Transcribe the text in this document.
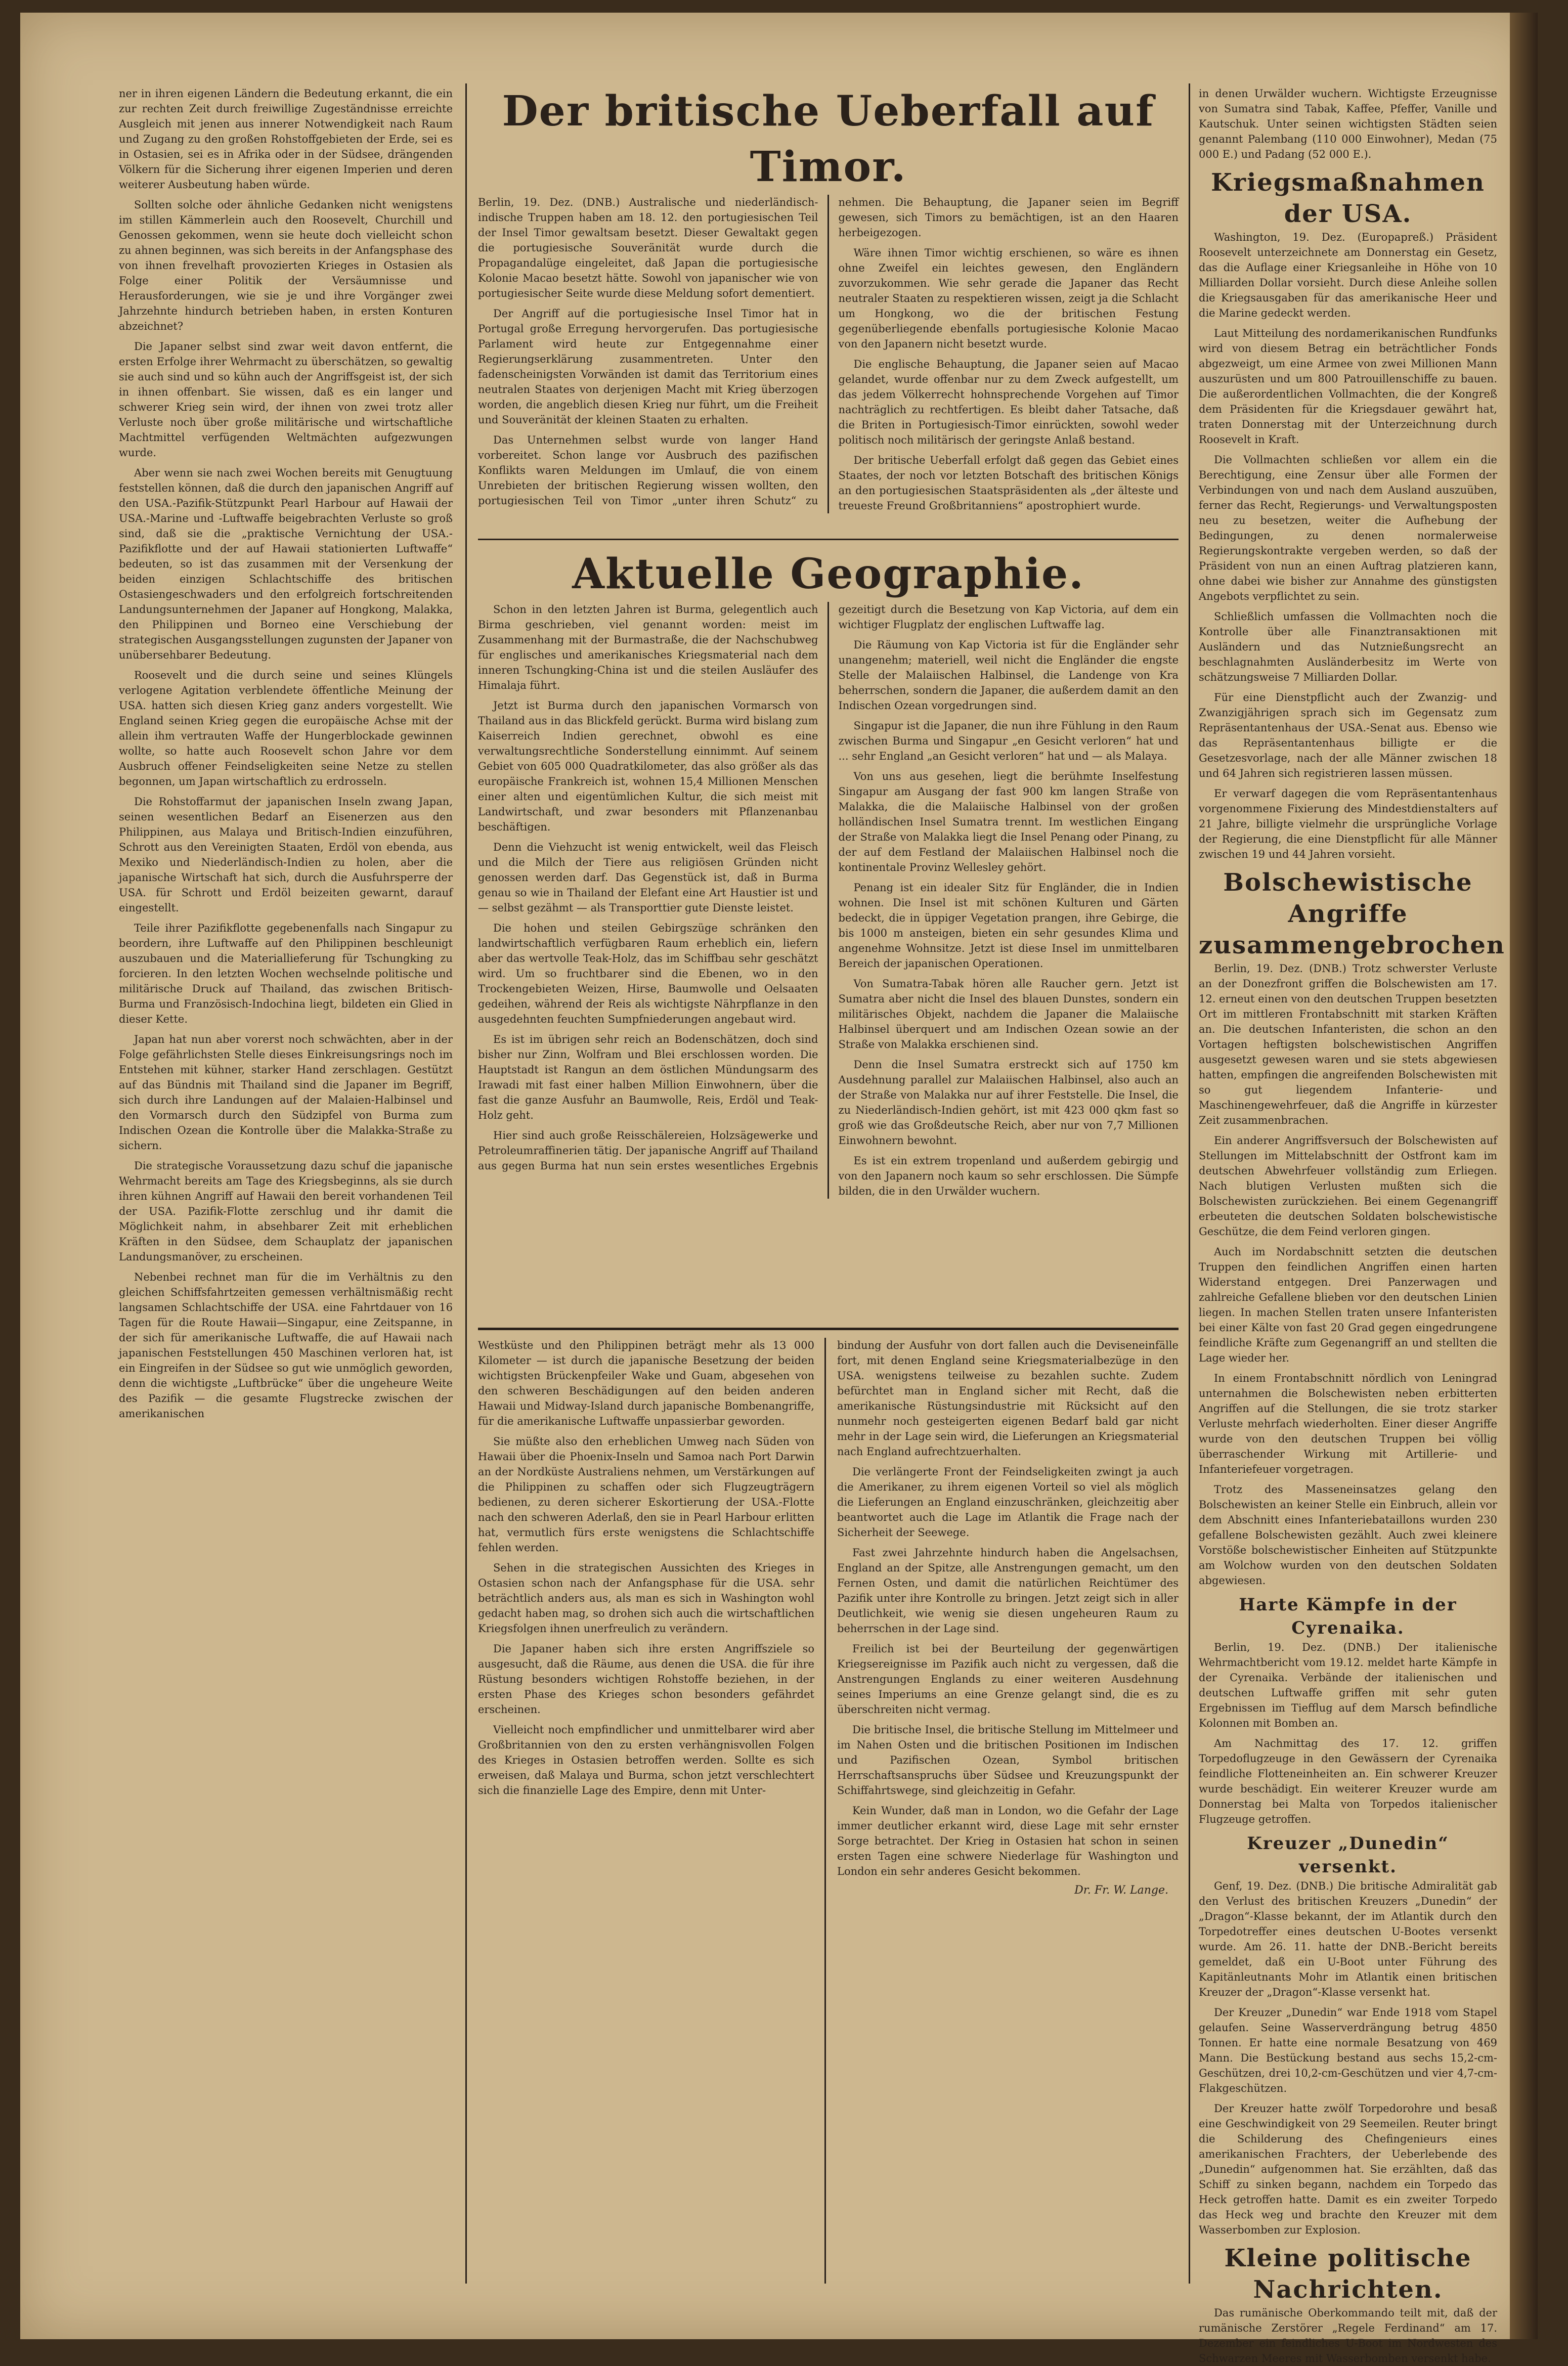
ner in ihren eigenen Ländern die Bedeutung erkannt, die ein zur rechten Zeit durch freiwillige Zugeständnisse erreichte Ausgleich mit jenen aus innerer Notwendigkeit nach Raum und Zugang zu den großen Rohstoffgebieten der Erde, sei es in Ostasien, sei es in Afrika oder in der Südsee, drängenden Völkern für die Sicherung ihrer eigenen Imperien und deren weiterer Ausbeutung haben würde.

Sollten solche oder ähnliche Gedanken nicht wenigstens im stillen Kämmerlein auch den Roosevelt, Churchill und Genossen gekommen, wenn sie heute doch vielleicht schon zu ahnen beginnen, was sich bereits in der Anfangsphase des von ihnen frevelhaft provozierten Krieges in Ostasien als Folge einer Politik der Versäumnisse und Herausforderungen, wie sie je und ihre Vorgänger zwei Jahrzehnte hindurch betrieben haben, in ersten Konturen abzeichnet?

Die Japaner selbst sind zwar weit davon entfernt, die ersten Erfolge ihrer Wehrmacht zu überschätzen, so gewaltig sie auch sind und so kühn auch der Angriffsgeist ist, der sich in ihnen offenbart. Sie wissen, daß es ein langer und schwerer Krieg sein wird, der ihnen von zwei trotz aller Verluste noch über große militärische und wirtschaftliche Machtmittel verfügenden Weltmächten aufgezwungen wurde.

Aber wenn sie nach zwei Wochen bereits mit Genugtuung feststellen können, daß die durch den japanischen Angriff auf den USA.-Pazifik-Stützpunkt Pearl Harbour auf Hawaii der USA.-Marine und -Luftwaffe beigebrachten Verluste so groß sind, daß sie die „praktische Vernichtung der USA.-Pazifikflotte und der auf Hawaii stationierten Luftwaffe“ bedeuten, so ist das zusammen mit der Versenkung der beiden einzigen Schlachtschiffe des britischen Ostasiengeschwaders und den erfolgreich fortschreitenden Landungsunternehmen der Japaner auf Hongkong, Malakka, den Philippinen und Borneo eine Verschiebung der strategischen Ausgangsstellungen zugunsten der Japaner von unübersehbarer Bedeutung.

Roosevelt und die durch seine und seines Klüngels verlogene Agitation verblendete öffentliche Meinung der USA. hatten sich diesen Krieg ganz anders vorgestellt. Wie England seinen Krieg gegen die europäische Achse mit der allein ihm vertrauten Waffe der Hungerblockade gewinnen wollte, so hatte auch Roosevelt schon Jahre vor dem Ausbruch offener Feindseligkeiten seine Netze zu stellen begonnen, um Japan wirtschaftlich zu erdrosseln.

Die Rohstoffarmut der japanischen Inseln zwang Japan, seinen wesentlichen Bedarf an Eisenerzen aus den Philippinen, aus Malaya und Britisch-Indien einzuführen, Schrott aus den Vereinigten Staaten, Erdöl von ebenda, aus Mexiko und Niederländisch-Indien zu holen, aber die japanische Wirtschaft hat sich, durch die Ausfuhrsperre der USA. für Schrott und Erdöl beizeiten gewarnt, darauf eingestellt.

Teile ihrer Pazifikflotte gegebenenfalls nach Singapur zu beordern, ihre Luftwaffe auf den Philippinen beschleunigt auszubauen und die Materiallieferung für Tschungking zu forcieren. In den letzten Wochen wechselnde politische und militärische Druck auf Thailand, das zwischen Britisch-Burma und Französisch-Indochina liegt, bildeten ein Glied in dieser Kette.

Japan hat nun aber vorerst noch schwächten, aber in der Folge gefährlichsten Stelle dieses Einkreisungsrings noch im Entstehen mit kühner, starker Hand zerschlagen. Gestützt auf das Bündnis mit Thailand sind die Japaner im Begriff, sich durch ihre Landungen auf der Malaien-Halbinsel und den Vormarsch durch den Südzipfel von Burma zum Indischen Ozean die Kontrolle über die Malakka-Straße zu sichern.

Die strategische Voraussetzung dazu schuf die japanische Wehrmacht bereits am Tage des Kriegsbeginns, als sie durch ihren kühnen Angriff auf Hawaii den bereit vorhandenen Teil der USA. Pazifik-Flotte zerschlug und ihr damit die Möglichkeit nahm, in absehbarer Zeit mit erheblichen Kräften in den Südsee, dem Schauplatz der japanischen Landungsmanöver, zu erscheinen.

Nebenbei rechnet man für die im Verhältnis zu den gleichen Schiffsfahrtzeiten gemessen verhältnismäßig recht langsamen Schlachtschiffe der USA. eine Fahrtdauer von 16 Tagen für die Route Hawaii—Singapur, eine Zeitspanne, in der sich für amerikanische Luftwaffe, die auf Hawaii nach japanischen Feststellungen 450 Maschinen verloren hat, ist ein Eingreifen in der Südsee so gut wie unmöglich geworden, denn die wichtigste „Luftbrücke“ über die ungeheure Weite des Pazifik — die gesamte Flugstrecke zwischen der amerikanischen

Der britische Ueberfall auf Timor.

Berlin, 19. Dez. (DNB.) Australische und niederländisch-indische Truppen haben am 18. 12. den portugiesischen Teil der Insel Timor gewaltsam besetzt. Dieser Gewaltakt gegen die portugiesische Souveränität wurde durch die Propagandalüge eingeleitet, daß Japan die portugiesische Kolonie Macao besetzt hätte. Sowohl von japanischer wie von portugiesischer Seite wurde diese Meldung sofort dementiert.

Der Angriff auf die portugiesische Insel Timor hat in Portugal große Erregung hervorgerufen. Das portugiesische Parlament wird heute zur Entgegennahme einer Regierungserklärung zusammentreten. Unter den fadenscheinigsten Vorwänden ist damit das Territorium eines neutralen Staates von derjenigen Macht mit Krieg überzogen worden, die angeblich diesen Krieg nur führt, um die Freiheit und Souveränität der kleinen Staaten zu erhalten.

Das Unternehmen selbst wurde von langer Hand vorbereitet. Schon lange vor Ausbruch des pazifischen Konflikts waren Meldungen im Umlauf, die von einem Unrebieten der britischen Regierung wissen wollten, den portugiesischen Teil von Timor „unter ihren Schutz“ zu nehmen. Die Behauptung, die Japaner seien im Begriff gewesen, sich Timors zu bemächtigen, ist an den Haaren herbeigezogen.

Wäre ihnen Timor wichtig erschienen, so wäre es ihnen ohne Zweifel ein leichtes gewesen, den Engländern zuvorzukommen. Wie sehr gerade die Japaner das Recht neutraler Staaten zu respektieren wissen, zeigt ja die Schlacht um Hongkong, wo die der britischen Festung gegenüberliegende ebenfalls portugiesische Kolonie Macao von den Japanern nicht besetzt wurde.

Die englische Behauptung, die Japaner seien auf Macao gelandet, wurde offenbar nur zu dem Zweck aufgestellt, um das jedem Völkerrecht hohnsprechende Vorgehen auf Timor nachträglich zu rechtfertigen. Es bleibt daher Tatsache, daß die Briten in Portugiesisch-Timor einrückten, sowohl weder politisch noch militärisch der geringste Anlaß bestand.

Der britische Ueberfall erfolgt daß gegen das Gebiet eines Staates, der noch vor letzten Botschaft des britischen Königs an den portugiesischen Staatspräsidenten als „der älteste und treueste Freund Großbritanniens“ apostrophiert wurde.

Aktuelle Geographie.

Schon in den letzten Jahren ist Burma, gelegentlich auch Birma geschrieben, viel genannt worden: meist im Zusammenhang mit der Burmastraße, die der Nachschubweg für englisches und amerikanisches Kriegsmaterial nach dem inneren Tschungking-China ist und die steilen Ausläufer des Himalaja führt.

Jetzt ist Burma durch den japanischen Vormarsch von Thailand aus in das Blickfeld gerückt. Burma wird bislang zum Kaiserreich Indien gerechnet, obwohl es eine verwaltungsrechtliche Sonderstellung einnimmt. Auf seinem Gebiet von 605 000 Quadratkilometer, das also größer als das europäische Frankreich ist, wohnen 15,4 Millionen Menschen einer alten und eigentümlichen Kultur, die sich meist mit Landwirtschaft, und zwar besonders mit Pflanzenanbau beschäftigen.

Denn die Viehzucht ist wenig entwickelt, weil das Fleisch und die Milch der Tiere aus religiösen Gründen nicht genossen werden darf. Das Gegenstück ist, daß in Burma genau so wie in Thailand der Elefant eine Art Haustier ist und — selbst gezähmt — als Transporttier gute Dienste leistet.

Die hohen und steilen Gebirgszüge schränken den landwirtschaftlich verfügbaren Raum erheblich ein, liefern aber das wertvolle Teak-Holz, das im Schiffbau sehr geschätzt wird. Um so fruchtbarer sind die Ebenen, wo in den Trockengebieten Weizen, Hirse, Baumwolle und Oelsaaten gedeihen, während der Reis als wichtigste Nährpflanze in den ausgedehnten feuchten Sumpfniederungen angebaut wird.

Es ist im übrigen sehr reich an Bodenschätzen, doch sind bisher nur Zinn, Wolfram und Blei erschlossen worden. Die Hauptstadt ist Rangun an dem östlichen Mündungsarm des Irawadi mit fast einer halben Million Einwohnern, über die fast die ganze Ausfuhr an Baumwolle, Reis, Erdöl und Teak-Holz geht.

Hier sind auch große Reisschälereien, Holzsägewerke und Petroleumraffinerien tätig. Der japanische Angriff auf Thailand aus gegen Burma hat nun sein erstes wesentliches Ergebnis gezeitigt durch die Besetzung von Kap Victoria, auf dem ein wichtiger Flugplatz der englischen Luftwaffe lag.

Die Räumung von Kap Victoria ist für die Engländer sehr unangenehm; materiell, weil nicht die Engländer die engste Stelle der Malaiischen Halbinsel, die Landenge von Kra beherrschen, sondern die Japaner, die außerdem damit an den Indischen Ozean vorgedrungen sind.

Singapur ist die Japaner, die nun ihre Fühlung in den Raum zwischen Burma und Singapur „en Gesicht verloren“ hat und ... sehr England „an Gesicht verloren“ hat und — als Malaya.

Von uns aus gesehen, liegt die berühmte Inselfestung Singapur am Ausgang der fast 900 km langen Straße von Malakka, die die Malaiische Halbinsel von der großen holländischen Insel Sumatra trennt. Im westlichen Eingang der Straße von Malakka liegt die Insel Penang oder Pinang, zu der auf dem Festland der Malaiischen Halbinsel noch die kontinentale Provinz Wellesley gehört.

Penang ist ein idealer Sitz für Engländer, die in Indien wohnen. Die Insel ist mit schönen Kulturen und Gärten bedeckt, die in üppiger Vegetation prangen, ihre Gebirge, die bis 1000 m ansteigen, bieten ein sehr gesundes Klima und angenehme Wohnsitze. Jetzt ist diese Insel im unmittelbaren Bereich der japanischen Operationen.

Von Sumatra-Tabak hören alle Raucher gern. Jetzt ist Sumatra aber nicht die Insel des blauen Dunstes, sondern ein militärisches Objekt, nachdem die Japaner die Malaiische Halbinsel überquert und am Indischen Ozean sowie an der Straße von Malakka erschienen sind.

Denn die Insel Sumatra erstreckt sich auf 1750 km Ausdehnung parallel zur Malaiischen Halbinsel, also auch an der Straße von Malakka nur auf ihrer Feststelle. Die Insel, die zu Niederländisch-Indien gehört, ist mit 423 000 qkm fast so groß wie das Großdeutsche Reich, aber nur von 7,7 Millionen Einwohnern bewohnt.

Es ist ein extrem tropenland und außerdem gebirgig und von den Japanern noch kaum so sehr erschlossen. Die Sümpfe bilden, die in den Urwälder wuchern.

Westküste und den Philippinen beträgt mehr als 13 000 Kilometer — ist durch die japanische Besetzung der beiden wichtigsten Brückenpfeiler Wake und Guam, abgesehen von den schweren Beschädigungen auf den beiden anderen Hawaii und Midway-Island durch japanische Bombenangriffe, für die amerikanische Luftwaffe unpassierbar geworden.

Sie müßte also den erheblichen Umweg nach Süden von Hawaii über die Phoenix-Inseln und Samoa nach Port Darwin an der Nordküste Australiens nehmen, um Verstärkungen auf die Philippinen zu schaffen oder sich Flugzeugträgern bedienen, zu deren sicherer Eskortierung der USA.-Flotte nach den schweren Aderlaß, den sie in Pearl Harbour erlitten hat, vermutlich fürs erste wenigstens die Schlachtschiffe fehlen werden.

Sehen in die strategischen Aussichten des Krieges in Ostasien schon nach der Anfangsphase für die USA. sehr beträchtlich anders aus, als man es sich in Washington wohl gedacht haben mag, so drohen sich auch die wirtschaftlichen Kriegsfolgen ihnen unerfreulich zu verändern.

Die Japaner haben sich ihre ersten Angriffsziele so ausgesucht, daß die Räume, aus denen die USA. die für ihre Rüstung besonders wichtigen Rohstoffe beziehen, in der ersten Phase des Krieges schon besonders gefährdet erscheinen.

Vielleicht noch empfindlicher und unmittelbarer wird aber Großbritannien von den zu ersten verhängnisvollen Folgen des Krieges in Ostasien betroffen werden. Sollte es sich erweisen, daß Malaya und Burma, schon jetzt verschlechtert sich die finanzielle Lage des Empire, denn mit Unter-

bindung der Ausfuhr von dort fallen auch die Deviseneinfälle fort, mit denen England seine Kriegsmaterialbezüge in den USA. wenigstens teilweise zu bezahlen suchte. Zudem befürchtet man in England sicher mit Recht, daß die amerikanische Rüstungsindustrie mit Rücksicht auf den nunmehr noch gesteigerten eigenen Bedarf bald gar nicht mehr in der Lage sein wird, die Lieferungen an Kriegsmaterial nach England aufrechtzuerhalten.

Die verlängerte Front der Feindseligkeiten zwingt ja auch die Amerikaner, zu ihrem eigenen Vorteil so viel als möglich die Lieferungen an England einzuschränken, gleichzeitig aber beantwortet auch die Lage im Atlantik die Frage nach der Sicherheit der Seewege.

Fast zwei Jahrzehnte hindurch haben die Angelsachsen, England an der Spitze, alle Anstrengungen gemacht, um den Fernen Osten, und damit die natürlichen Reichtümer des Pazifik unter ihre Kontrolle zu bringen. Jetzt zeigt sich in aller Deutlichkeit, wie wenig sie diesen ungeheuren Raum zu beherrschen in der Lage sind.

Freilich ist bei der Beurteilung der gegenwärtigen Kriegsereignisse im Pazifik auch nicht zu vergessen, daß die Anstrengungen Englands zu einer weiteren Ausdehnung seines Imperiums an eine Grenze gelangt sind, die es zu überschreiten nicht vermag.

Die britische Insel, die britische Stellung im Mittelmeer und im Nahen Osten und die britischen Positionen im Indischen und Pazifischen Ozean, Symbol britischen Herrschaftsanspruchs über Südsee und Kreuzungspunkt der Schiffahrtswege, sind gleichzeitig in Gefahr.

Kein Wunder, daß man in London, wo die Gefahr der Lage immer deutlicher erkannt wird, diese Lage mit sehr ernster Sorge betrachtet. Der Krieg in Ostasien hat schon in seinen ersten Tagen eine schwere Niederlage für Washington und London ein sehr anderes Gesicht bekommen.

Dr. Fr. W. Lange.

in denen Urwälder wuchern. Wichtigste Erzeugnisse von Sumatra sind Tabak, Kaffee, Pfeffer, Vanille und Kautschuk. Unter seinen wichtigsten Städten seien genannt Palembang (110 000 Einwohner), Medan (75 000 E.) und Padang (52 000 E.).

Kriegsmaßnahmen der USA.

Washington, 19. Dez. (Europapreß.) Präsident Roosevelt unterzeichnete am Donnerstag ein Gesetz, das die Auflage einer Kriegsanleihe in Höhe von 10 Milliarden Dollar vorsieht. Durch diese Anleihe sollen die Kriegsausgaben für das amerikanische Heer und die Marine gedeckt werden.

Laut Mitteilung des nordamerikanischen Rundfunks wird von diesem Betrag ein beträchtlicher Fonds abgezweigt, um eine Armee von zwei Millionen Mann auszurüsten und um 800 Patrouillenschiffe zu bauen. Die außerordentlichen Vollmachten, die der Kongreß dem Präsidenten für die Kriegsdauer gewährt hat, traten Donnerstag mit der Unterzeichnung durch Roosevelt in Kraft.

Die Vollmachten schließen vor allem ein die Berechtigung, eine Zensur über alle Formen der Verbindungen von und nach dem Ausland auszuüben, ferner das Recht, Regierungs- und Verwaltungsposten neu zu besetzen, weiter die Aufhebung der Bedingungen, zu denen normalerweise Regierungskontrakte vergeben werden, so daß der Präsident von nun an einen Auftrag platzieren kann, ohne dabei wie bisher zur Annahme des günstigsten Angebots verpflichtet zu sein.

Schließlich umfassen die Vollmachten noch die Kontrolle über alle Finanztransaktionen mit Ausländern und das Nutznießungsrecht an beschlagnahmten Ausländerbesitz im Werte von schätzungsweise 7 Milliarden Dollar.

Für eine Dienstpflicht auch der Zwanzig- und Zwanzigjährigen sprach sich im Gegensatz zum Repräsentantenhaus der USA.-Senat aus. Ebenso wie das Repräsentantenhaus billigte er die Gesetzesvorlage, nach der alle Männer zwischen 18 und 64 Jahren sich registrieren lassen müssen.

Er verwarf dagegen die vom Repräsentantenhaus vorgenommene Fixierung des Mindestdienstalters auf 21 Jahre, billigte vielmehr die ursprüngliche Vorlage der Regierung, die eine Dienstpflicht für alle Männer zwischen 19 und 44 Jahren vorsieht.

Bolschewistische Angriffe zusammengebrochen

Berlin, 19. Dez. (DNB.) Trotz schwerster Verluste an der Donezfront griffen die Bolschewisten am 17. 12. erneut einen von den deutschen Truppen besetzten Ort im mittleren Frontabschnitt mit starken Kräften an. Die deutschen Infanteristen, die schon an den Vortagen heftigsten bolschewistischen Angriffen ausgesetzt gewesen waren und sie stets abgewiesen hatten, empfingen die angreifenden Bolschewisten mit so gut liegendem Infanterie- und Maschinengewehrfeuer, daß die Angriffe in kürzester Zeit zusammenbrachen.

Ein anderer Angriffsversuch der Bolschewisten auf Stellungen im Mittelabschnitt der Ostfront kam im deutschen Abwehrfeuer vollständig zum Erliegen. Nach blutigen Verlusten mußten sich die Bolschewisten zurückziehen. Bei einem Gegenangriff erbeuteten die deutschen Soldaten bolschewistische Geschütze, die dem Feind verloren gingen.

Auch im Nordabschnitt setzten die deutschen Truppen den feindlichen Angriffen einen harten Widerstand entgegen. Drei Panzerwagen und zahlreiche Gefallene blieben vor den deutschen Linien liegen. In machen Stellen traten unsere Infanteristen bei einer Kälte von fast 20 Grad gegen eingedrungene feindliche Kräfte zum Gegenangriff an und stellten die Lage wieder her.

In einem Frontabschnitt nördlich von Leningrad unternahmen die Bolschewisten neben erbitterten Angriffen auf die Stellungen, die sie trotz starker Verluste mehrfach wiederholten. Einer dieser Angriffe wurde von den deutschen Truppen bei völlig überraschender Wirkung mit Artillerie- und Infanteriefeuer vorgetragen.

Trotz des Masseneinsatzes gelang den Bolschewisten an keiner Stelle ein Einbruch, allein vor dem Abschnitt eines Infanteriebataillons wurden 230 gefallene Bolschewisten gezählt. Auch zwei kleinere Vorstöße bolschewistischer Einheiten auf Stützpunkte am Wolchow wurden von den deutschen Soldaten abgewiesen.

Harte Kämpfe in der Cyrenaika.

Berlin, 19. Dez. (DNB.) Der italienische Wehrmachtbericht vom 19.12. meldet harte Kämpfe in der Cyrenaika. Verbände der italienischen und deutschen Luftwaffe griffen mit sehr guten Ergebnissen im Tiefflug auf dem Marsch befindliche Kolonnen mit Bomben an.

Am Nachmittag des 17. 12. griffen Torpedoflugzeuge in den Gewässern der Cyrenaika feindliche Flotteneinheiten an. Ein schwerer Kreuzer wurde beschädigt. Ein weiterer Kreuzer wurde am Donnerstag bei Malta von Torpedos italienischer Flugzeuge getroffen.

Kreuzer „Dunedin“ versenkt.

Genf, 19. Dez. (DNB.) Die britische Admiralität gab den Verlust des britischen Kreuzers „Dunedin“ der „Dragon“-Klasse bekannt, der im Atlantik durch den Torpedotreffer eines deutschen U-Bootes versenkt wurde. Am 26. 11. hatte der DNB.-Bericht bereits gemeldet, daß ein U-Boot unter Führung des Kapitänleutnants Mohr im Atlantik einen britischen Kreuzer der „Dragon“-Klasse versenkt hat.

Der Kreuzer „Dunedin“ war Ende 1918 vom Stapel gelaufen. Seine Wasserverdrängung betrug 4850 Tonnen. Er hatte eine normale Besatzung von 469 Mann. Die Bestückung bestand aus sechs 15,2-cm-Geschützen, drei 10,2-cm-Geschützen und vier 4,7-cm-Flakgeschützen.

Der Kreuzer hatte zwölf Torpedorohre und besaß eine Geschwindigkeit von 29 Seemeilen. Reuter bringt die Schilderung des Chefingenieurs eines amerikanischen Frachters, der Ueberlebende des „Dunedin“ aufgenommen hat. Sie erzählten, daß das Schiff zu sinken begann, nachdem ein Torpedo das Heck getroffen hatte. Damit es ein zweiter Torpedo das Heck weg und brachte den Kreuzer mit dem Wasserbomben zur Explosion.

Kleine politische Nachrichten.

Das rumänische Oberkommando teilt mit, daß der rumänische Zerstörer „Regele Ferdinand“ am 17. Dezember ein feindliches U-Boot im Nordwesten des Schwarzen Meeres mit Wasserbomben versenkt habe.
